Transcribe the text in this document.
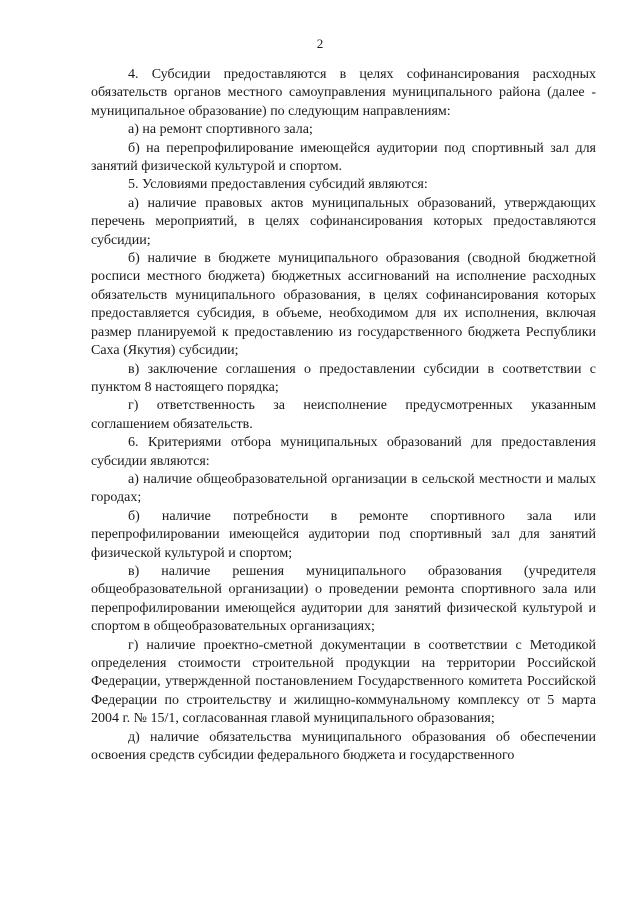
2

4. Субсидии предоставляются в целях софинансирования расходных обязательств органов местного самоуправления муниципального района (далее - муниципальное образование) по следующим направлениям:

а) на ремонт спортивного зала;

б) на перепрофилирование имеющейся аудитории под спортивный зал для занятий физической культурой и спортом.

5. Условиями предоставления субсидий являются:

а) наличие правовых актов муниципальных образований, утверждающих перечень мероприятий, в целях софинансирования которых предоставляются субсидии;

б) наличие в бюджете муниципального образования (сводной бюджетной росписи местного бюджета) бюджетных ассигнований на исполнение расходных обязательств муниципального образования, в целях софинансирования которых предоставляется субсидия, в объеме, необходимом для их исполнения, включая размер планируемой к предоставлению из государственного бюджета Республики Саха (Якутия) субсидии;

в) заключение соглашения о предоставлении субсидии в соответствии с пунктом 8 настоящего порядка;

г) ответственность за неисполнение предусмотренных указанным соглашением обязательств.

6. Критериями отбора муниципальных образований для предоставления субсидии являются:

а) наличие общеобразовательной организации в сельской местности и малых городах;

б) наличие потребности в ремонте спортивного зала или перепрофилировании имеющейся аудитории под спортивный зал для занятий физической культурой и спортом;

в) наличие решения муниципального образования (учредителя общеобразовательной организации) о проведении ремонта спортивного зала или перепрофилировании имеющейся аудитории для занятий физической культурой и спортом в общеобразовательных организациях;

г) наличие проектно-сметной документации в соответствии с Методикой определения стоимости строительной продукции на территории Российской Федерации, утвержденной постановлением Государственного комитета Российской Федерации по строительству и жилищно-коммунальному комплексу от 5 марта 2004 г. № 15/1, согласованная главой муниципального образования;

д) наличие обязательства муниципального образования об обеспечении освоения средств субсидии федерального бюджета и государственного
